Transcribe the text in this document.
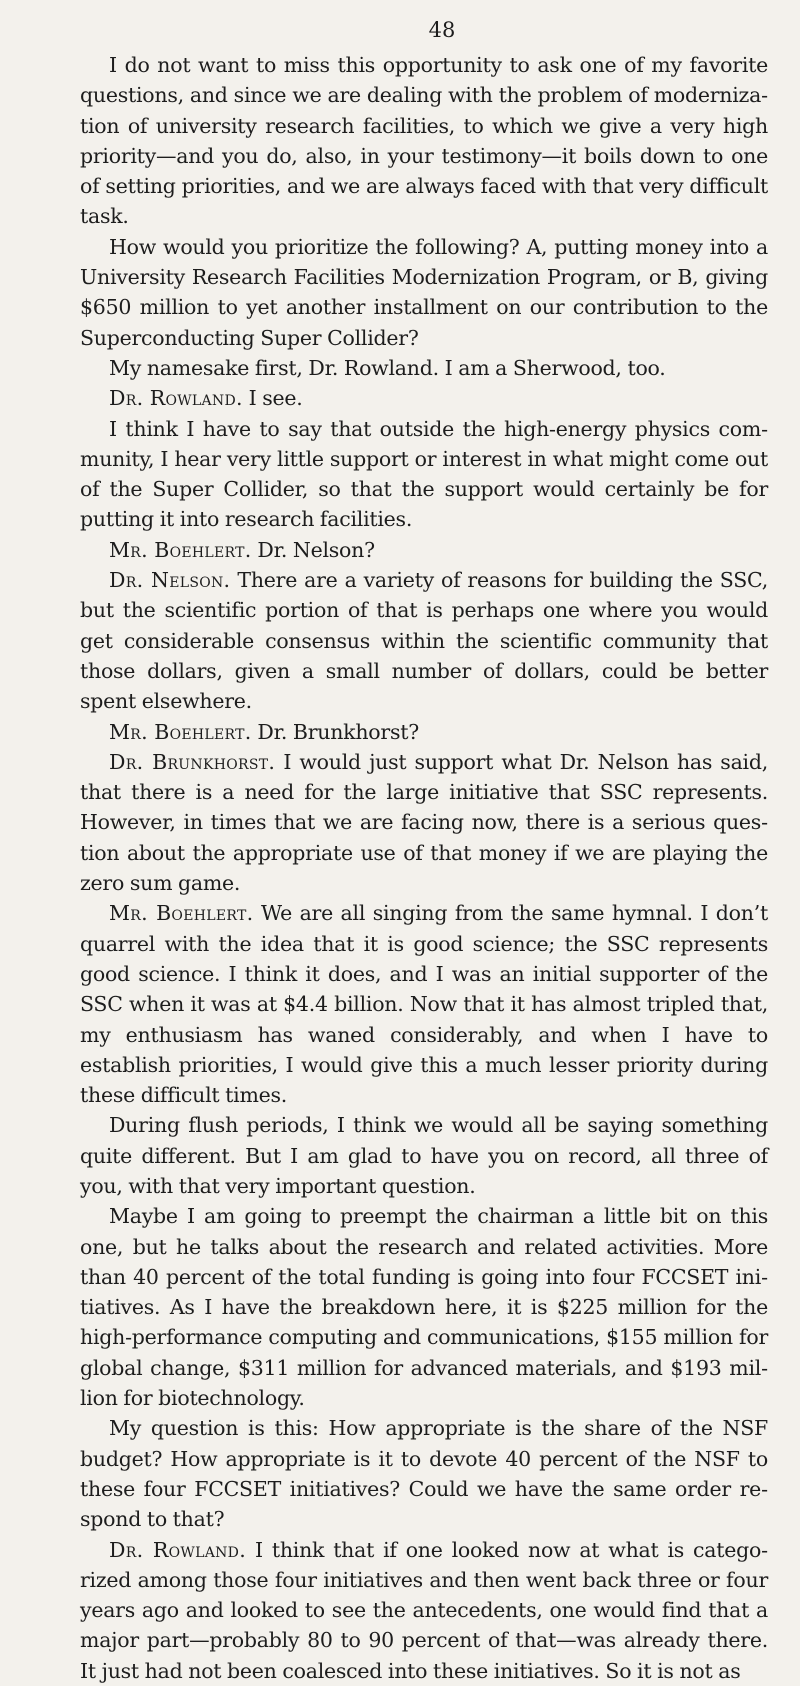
48

I do not want to miss this opportunity to ask one of my favorite questions, and since we are dealing with the problem of modernization of university research facilities, to which we give a very high priority—and you do, also, in your testimony—it boils down to one of setting priorities, and we are always faced with that very difficult task.

How would you prioritize the following? A, putting money into a University Research Facilities Modernization Program, or B, giving $650 million to yet another installment on our contribution to the Superconducting Super Collider?

My namesake first, Dr. Rowland. I am a Sherwood, too.

Dr. Rowland. I see.

I think I have to say that outside the high-energy physics community, I hear very little support or interest in what might come out of the Super Collider, so that the support would certainly be for putting it into research facilities.

Mr. Boehlert. Dr. Nelson?

Dr. Nelson. There are a variety of reasons for building the SSC, but the scientific portion of that is perhaps one where you would get considerable consensus within the scientific community that those dollars, given a small number of dollars, could be better spent elsewhere.

Mr. Boehlert. Dr. Brunkhorst?

Dr. Brunkhorst. I would just support what Dr. Nelson has said, that there is a need for the large initiative that SSC represents. However, in times that we are facing now, there is a serious question about the appropriate use of that money if we are playing the zero sum game.

Mr. Boehlert. We are all singing from the same hymnal. I don’t quarrel with the idea that it is good science; the SSC represents good science. I think it does, and I was an initial supporter of the SSC when it was at $4.4 billion. Now that it has almost tripled that, my enthusiasm has waned considerably, and when I have to establish priorities, I would give this a much lesser priority during these difficult times.

During flush periods, I think we would all be saying something quite different. But I am glad to have you on record, all three of you, with that very important question.

Maybe I am going to preempt the chairman a little bit on this one, but he talks about the research and related activities. More than 40 percent of the total funding is going into four FCCSET initiatives. As I have the breakdown here, it is $225 million for the high-performance computing and communications, $155 million for global change, $311 million for advanced materials, and $193 million for biotechnology.

My question is this: How appropriate is the share of the NSF budget? How appropriate is it to devote 40 percent of the NSF to these four FCCSET initiatives? Could we have the same order respond to that?

Dr. Rowland. I think that if one looked now at what is categorized among those four initiatives and then went back three or four years ago and looked to see the antecedents, one would find that a major part—probably 80 to 90 percent of that—was already there. It just had not been coalesced into these initiatives. So it is not as
